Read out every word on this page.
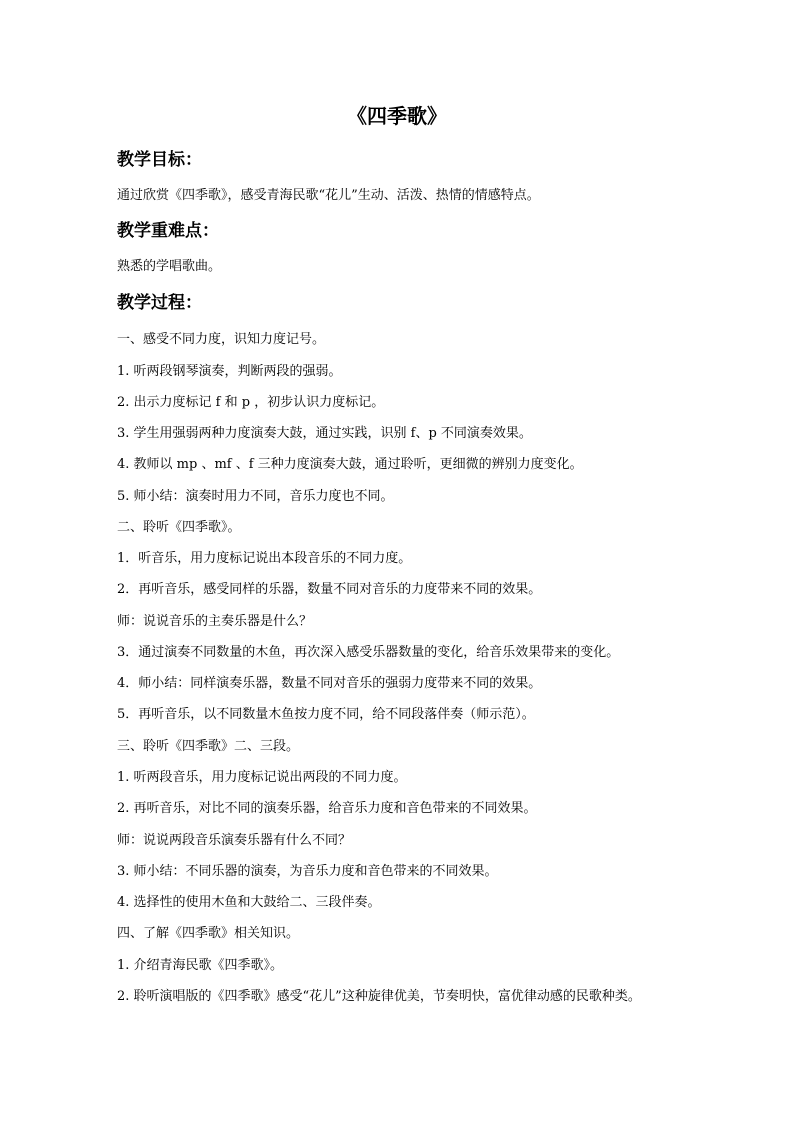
《四季歌》
教学目标：
通过欣赏《四季歌》，感受青海民歌“花儿”生动、活泼、热情的情感特点。
教学重难点：
熟悉的学唱歌曲。
教学过程：
一、感受不同力度，识知力度记号。
1. 听两段钢琴演奏，判断两段的强弱。
2. 出示力度标记 f 和 p ，初步认识力度标记。
3. 学生用强弱两种力度演奏大鼓，通过实践，识别 f、p 不同演奏效果。
4. 教师以 mp 、mf 、f 三种力度演奏大鼓，通过聆听，更细微的辨别力度变化。
5. 师小结：演奏时用力不同，音乐力度也不同。
二、聆听《四季歌》。
1．听音乐，用力度标记说出本段音乐的不同力度。
2．再听音乐，感受同样的乐器，数量不同对音乐的力度带来不同的效果。
师：说说音乐的主奏乐器是什么？
3．通过演奏不同数量的木鱼，再次深入感受乐器数量的变化，给音乐效果带来的变化。
4．师小结：同样演奏乐器，数量不同对音乐的强弱力度带来不同的效果。
5．再听音乐，以不同数量木鱼按力度不同，给不同段落伴奏（师示范）。
三、聆听《四季歌》二、三段。
1. 听两段音乐，用力度标记说出两段的不同力度。
2. 再听音乐，对比不同的演奏乐器，给音乐力度和音色带来的不同效果。
师：说说两段音乐演奏乐器有什么不同？
3. 师小结：不同乐器的演奏，为音乐力度和音色带来的不同效果。
4. 选择性的使用木鱼和大鼓给二、三段伴奏。
四、了解《四季歌》相关知识。
1. 介绍青海民歌《四季歌》。
2. 聆听演唱版的《四季歌》感受“花儿”这种旋律优美，节奏明快，富优律动感的民歌种类。
